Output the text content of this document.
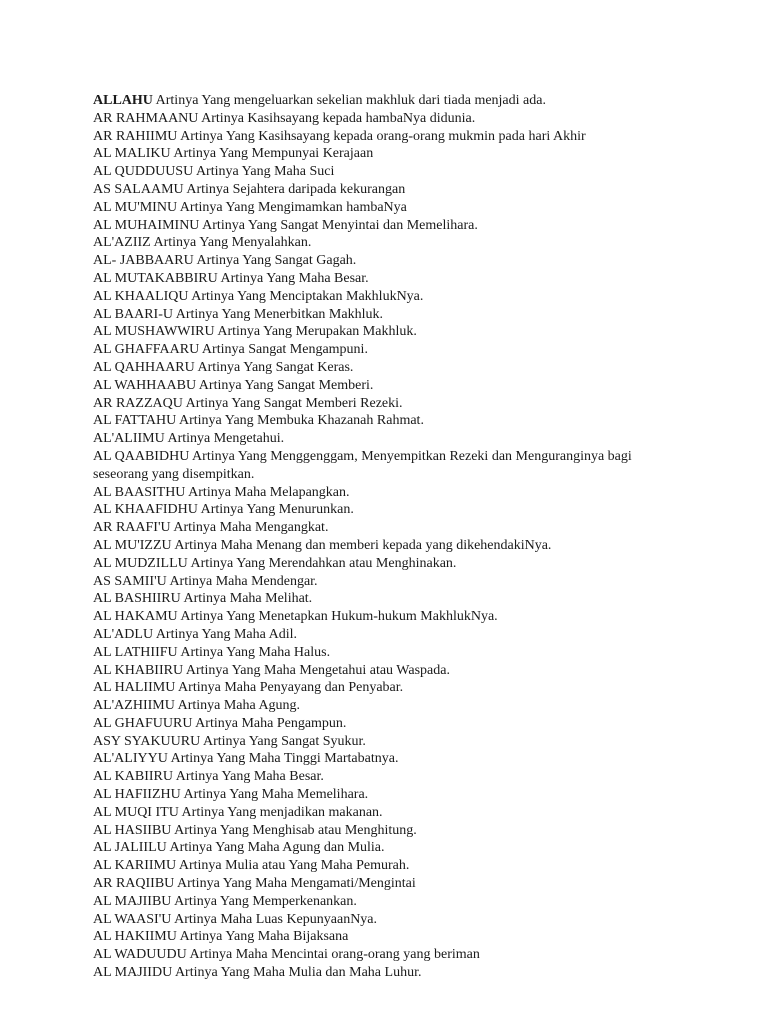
ALLAHU Artinya Yang mengeluarkan sekelian makhluk dari tiada menjadi ada.

AR RAHMAANU Artinya Kasihsayang kepada hambaNya didunia.

AR RAHIIMU Artinya Yang Kasihsayang kepada orang-orang mukmin pada hari Akhir

AL MALIKU Artinya Yang Mempunyai Kerajaan

AL QUDDUUSU Artinya Yang Maha Suci

AS SALAAMU Artinya Sejahtera daripada kekurangan

AL MU'MINU Artinya Yang Mengimamkan hambaNya

AL MUHAIMINU Artinya Yang Sangat Menyintai dan Memelihara.

AL'AZIIZ Artinya Yang Menyalahkan.

AL- JABBAARU Artinya Yang Sangat Gagah.

AL MUTAKABBIRU Artinya Yang Maha Besar.

AL KHAALIQU Artinya Yang Menciptakan MakhlukNya.

AL BAARI-U Artinya Yang Menerbitkan Makhluk.

AL MUSHAWWIRU Artinya Yang Merupakan Makhluk.

AL GHAFFAARU Artinya Sangat Mengampuni.

AL QAHHAARU Artinya Yang Sangat Keras.

AL WAHHAABU Artinya Yang Sangat Memberi.

AR RAZZAQU Artinya Yang Sangat Memberi Rezeki.

AL FATTAHU Artinya Yang Membuka Khazanah Rahmat.

AL'ALIIMU Artinya Mengetahui.

AL QAABIDHU Artinya Yang Menggenggam, Menyempitkan Rezeki dan Menguranginya bagi seseorang yang disempitkan.

AL BAASITHU Artinya Maha Melapangkan.

AL KHAAFIDHU Artinya Yang Menurunkan.

AR RAAFI'U Artinya Maha Mengangkat.

AL MU'IZZU Artinya Maha Menang dan memberi kepada yang dikehendakiNya.

AL MUDZILLU Artinya Yang Merendahkan atau Menghinakan.

AS SAMII'U Artinya Maha Mendengar.

AL BASHIIRU Artinya Maha Melihat.

AL HAKAMU Artinya Yang Menetapkan Hukum-hukum MakhlukNya.

AL'ADLU Artinya Yang Maha Adil.

AL LATHIIFU Artinya Yang Maha Halus.

AL KHABIIRU Artinya Yang Maha Mengetahui atau Waspada.

AL HALIIMU Artinya Maha Penyayang dan Penyabar.

AL'AZHIIMU Artinya Maha Agung.

AL GHAFUURU Artinya Maha Pengampun.

ASY SYAKUURU Artinya Yang Sangat Syukur.

AL'ALIYYU Artinya Yang Maha Tinggi Martabatnya.

AL KABIIRU Artinya Yang Maha Besar.

AL HAFIIZHU Artinya Yang Maha Memelihara.

AL MUQI ITU Artinya Yang menjadikan makanan.

AL HASIIBU Artinya Yang Menghisab atau Menghitung.

AL JALIILU Artinya Yang Maha Agung dan Mulia.

AL KARIIMU Artinya Mulia atau Yang Maha Pemurah.

AR RAQIIBU Artinya Yang Maha Mengamati/Mengintai

AL MAJIIBU Artinya Yang Memperkenankan.

AL WAASI'U Artinya Maha Luas KepunyaanNya.

AL HAKIIMU Artinya Yang Maha Bijaksana

AL WADUUDU Artinya Maha Mencintai orang-orang yang beriman

AL MAJIIDU Artinya Yang Maha Mulia dan Maha Luhur.
